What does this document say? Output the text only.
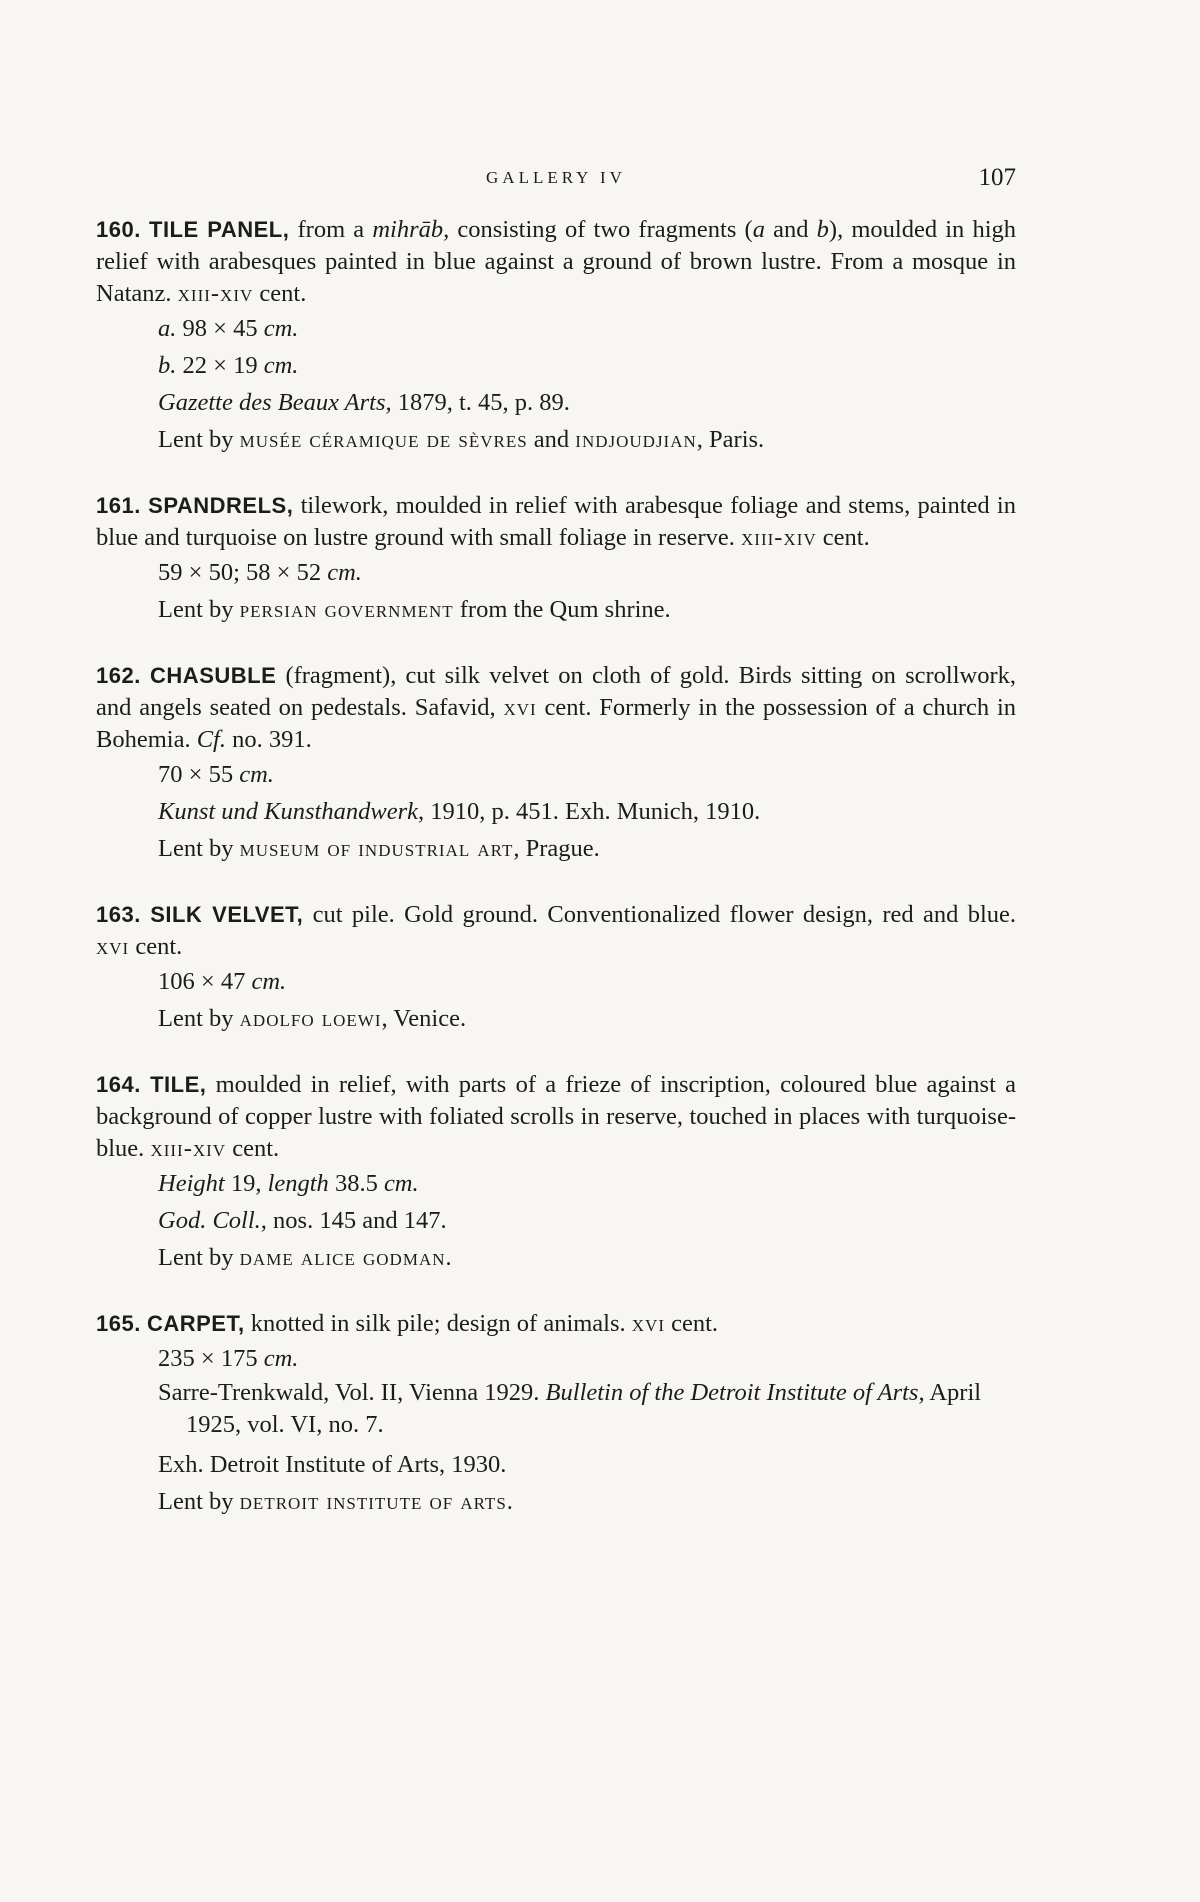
GALLERY IV	107

160. TILE PANEL, from a mihrāb, consisting of two fragments (a and b), moulded in high relief with arabesques painted in blue against a ground of brown lustre. From a mosque in Natanz. xiii-xiv cent.

a. 98 × 45 cm.

b. 22 × 19 cm.

Gazette des Beaux Arts, 1879, t. 45, p. 89.

Lent by musée céramique de sèvres and indjoudjian, Paris.

161. SPANDRELS, tilework, moulded in relief with arabesque foliage and stems, painted in blue and turquoise on lustre ground with small foliage in reserve. xiii-xiv cent.

59 × 50; 58 × 52 cm.

Lent by persian government from the Qum shrine.

162. CHASUBLE (fragment), cut silk velvet on cloth of gold. Birds sitting on scrollwork, and angels seated on pedestals. Safavid, xvi cent. Formerly in the possession of a church in Bohemia. Cf. no. 391.

70 × 55 cm.

Kunst und Kunsthandwerk, 1910, p. 451. Exh. Munich, 1910.

Lent by museum of industrial art, Prague.

163. SILK VELVET, cut pile. Gold ground. Conventionalized flower design, red and blue. xvi cent.

106 × 47 cm.

Lent by adolfo loewi, Venice.

164. TILE, moulded in relief, with parts of a frieze of inscription, coloured blue against a background of copper lustre with foliated scrolls in reserve, touched in places with turquoise-blue. xiii-xiv cent.

Height 19, length 38.5 cm.

God. Coll., nos. 145 and 147.

Lent by dame alice godman.

165. CARPET, knotted in silk pile; design of animals. xvi cent.

235 × 175 cm.

Sarre-Trenkwald, Vol. II, Vienna 1929. Bulletin of the Detroit Institute of Arts, April 1925, vol. VI, no. 7.

Exh. Detroit Institute of Arts, 1930.

Lent by detroit institute of arts.
